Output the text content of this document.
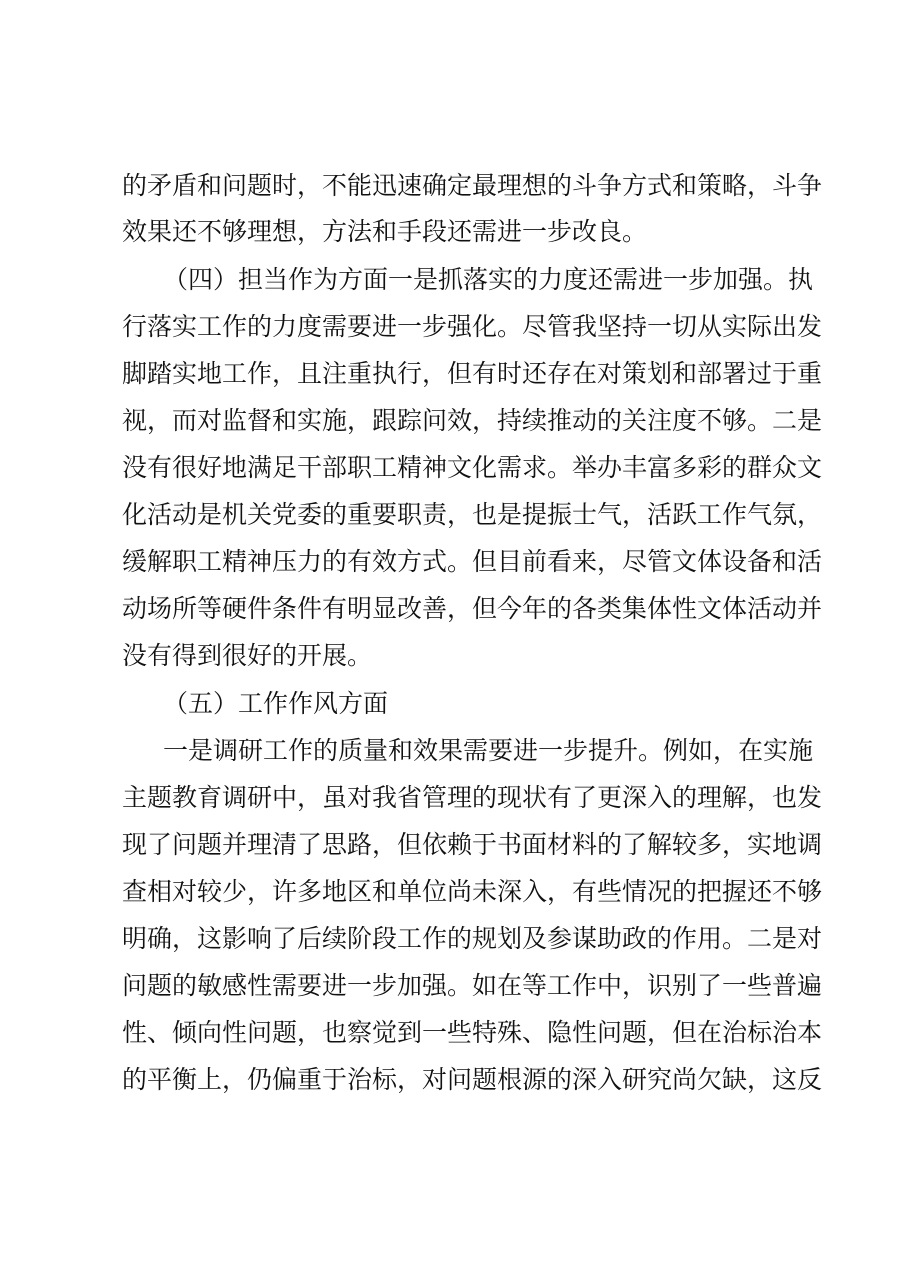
的矛盾和问题时，不能迅速确定最理想的斗争方式和策略，斗争
效果还不够理想，方法和手段还需进一步改良。
（四）担当作为方面一是抓落实的力度还需进一步加强。执
行落实工作的力度需要进一步强化。尽管我坚持一切从实际出发
脚踏实地工作，且注重执行，但有时还存在对策划和部署过于重
视，而对监督和实施，跟踪问效，持续推动的关注度不够。二是
没有很好地满足干部职工精神文化需求。举办丰富多彩的群众文
化活动是机关党委的重要职责，也是提振士气，活跃工作气氛，
缓解职工精神压力的有效方式。但目前看来，尽管文体设备和活
动场所等硬件条件有明显改善，但今年的各类集体性文体活动并
没有得到很好的开展。
（五）工作作风方面
一是调研工作的质量和效果需要进一步提升。例如，在实施
主题教育调研中，虽对我省管理的现状有了更深入的理解，也发
现了问题并理清了思路，但依赖于书面材料的了解较多，实地调
查相对较少，许多地区和单位尚未深入，有些情况的把握还不够
明确，这影响了后续阶段工作的规划及参谋助政的作用。二是对
问题的敏感性需要进一步加强。如在等工作中，识别了一些普遍
性、倾向性问题，也察觉到一些特殊、隐性问题，但在治标治本
的平衡上，仍偏重于治标，对问题根源的深入研究尚欠缺，这反
